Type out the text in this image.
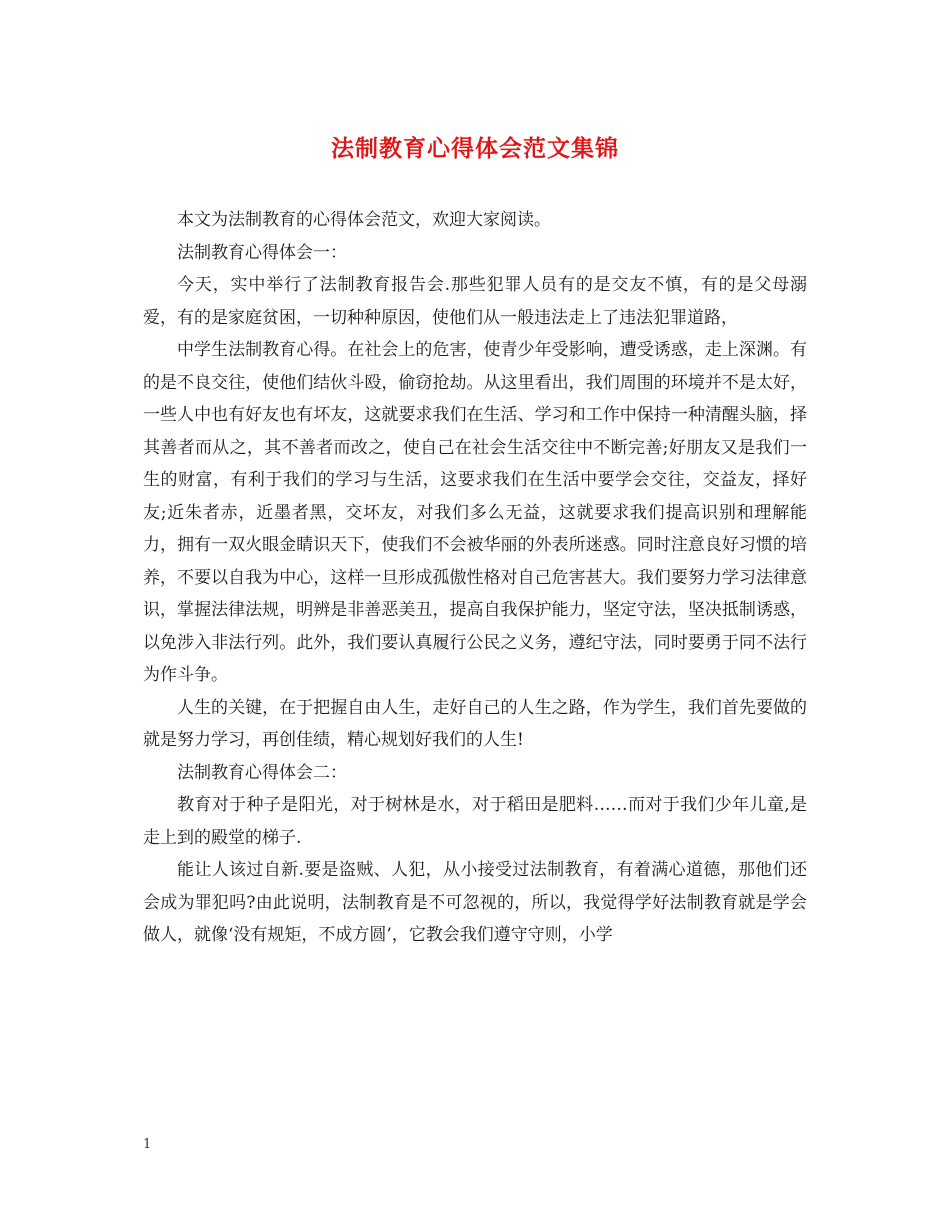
法制教育心得体会范文集锦

本文为法制教育的心得体会范文，欢迎大家阅读。

法制教育心得体会一：

今天，实中举行了法制教育报告会.那些犯罪人员有的是交友不慎，有的是父母溺爱，有的是家庭贫困，一切种种原因，使他们从一般违法走上了违法犯罪道路，

中学生法制教育心得。在社会上的危害，使青少年受影响，遭受诱惑，走上深渊。有的是不良交往，使他们结伙斗殴，偷窃抢劫。从这里看出，我们周围的环境并不是太好，一些人中也有好友也有坏友，这就要求我们在生活、学习和工作中保持一种清醒头脑，择其善者而从之，其不善者而改之，使自己在社会生活交往中不断完善;好朋友又是我们一生的财富，有利于我们的学习与生活，这要求我们在生活中要学会交往，交益友，择好友;近朱者赤，近墨者黑，交坏友，对我们多么无益，这就要求我们提高识别和理解能力，拥有一双火眼金睛识天下，使我们不会被华丽的外表所迷惑。同时注意良好习惯的培养，不要以自我为中心，这样一旦形成孤傲性格对自己危害甚大。我们要努力学习法律意识，掌握法律法规，明辨是非善恶美丑，提高自我保护能力，坚定守法，坚决抵制诱惑，以免涉入非法行列。此外，我们要认真履行公民之义务，遵纪守法，同时要勇于同不法行为作斗争。

人生的关键，在于把握自由人生，走好自己的人生之路，作为学生，我们首先要做的就是努力学习，再创佳绩，精心规划好我们的人生!

法制教育心得体会二：

教育对于种子是阳光，对于树林是水，对于稻田是肥料……而对于我们少年儿童,是走上到的殿堂的梯子.

能让人该过自新.要是盗贼、人犯，从小接受过法制教育，有着满心道德，那他们还会成为罪犯吗?由此说明，法制教育是不可忽视的，所以，我觉得学好法制教育就是学会做人，就像‘没有规矩，不成方圆’，它教会我们遵守守则，小学

1
